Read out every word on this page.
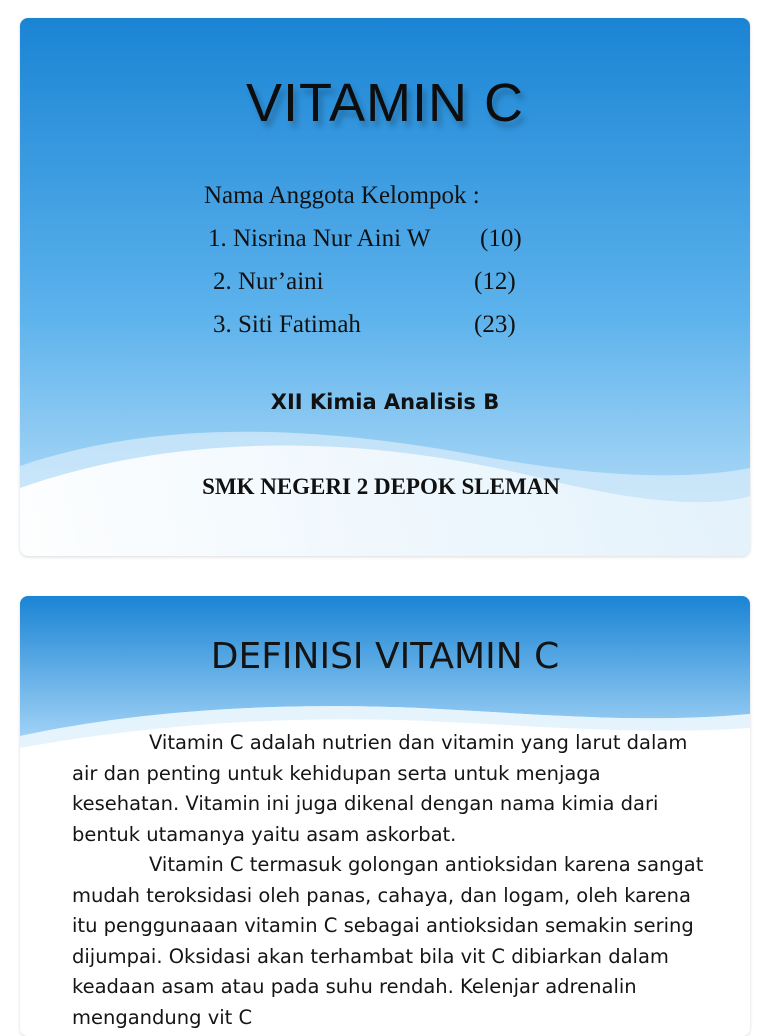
VITAMIN C
Nama Anggota Kelompok :
1. Nisrina Nur Aini W (10)
2. Nur’aini	(12)
3. Siti Fatimah	(23)
XII Kimia Analisis B
SMK NEGERI 2 DEPOK SLEMAN
DEFINISI VITAMIN C

Vitamin C adalah nutrien dan vitamin yang larut dalam air dan penting untuk kehidupan serta untuk menjaga kesehatan. Vitamin ini juga dikenal dengan nama kimia dari bentuk utamanya yaitu asam askorbat.

Vitamin C termasuk golongan antioksidan karena sangat mudah teroksidasi oleh panas, cahaya, dan logam, oleh karena itu penggunaaan vitamin C sebagai antioksidan semakin sering dijumpai. Oksidasi akan terhambat bila vit C dibiarkan dalam keadaan asam atau pada suhu rendah. Kelenjar adrenalin mengandung vit C
